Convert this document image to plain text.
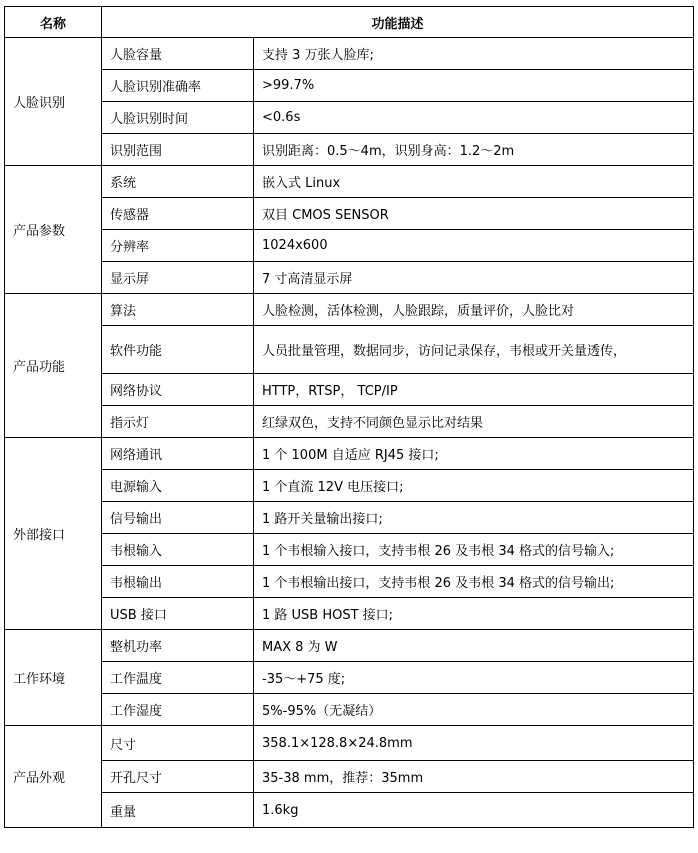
名称	功能描述	
人脸识别	人脸容量	支持 3 万张人脸库;
	人脸识别准确率	>99.7%
	人脸识别时间	<0.6s
	识别范围	识别距离：0.5～4m，识别身高：1.2～2m
产品参数	系统	嵌入式 Linux
	传感器	双目 CMOS SENSOR
	分辨率	1024x600
	显示屏	7 寸高清显示屏
产品功能	算法	人脸检测，活体检测，人脸跟踪，质量评价，人脸比对
	软件功能	人员批量管理，数据同步，访问记录保存，韦根或开关量透传，
	网络协议	HTTP，RTSP， TCP/IP
	指示灯	红绿双色，支持不同颜色显示比对结果
外部接口	网络通讯	1 个 100M 自适应 RJ45 接口;
	电源输入	1 个直流 12V 电压接口;
	信号输出	1 路开关量输出接口;
	韦根输入	1 个韦根输入接口，支持韦根 26 及韦根 34 格式的信号输入;
	韦根输出	1 个韦根输出接口，支持韦根 26 及韦根 34 格式的信号输出;
	USB 接口	1 路 USB HOST 接口;
工作环境	整机功率	MAX 8 为 W
	工作温度	-35～+75 度;
	工作湿度	5%-95%（无凝结）
产品外观	尺寸	358.1×128.8×24.8mm
	开孔尺寸	35-38 mm，推荐：35mm
	重量	1.6kg
